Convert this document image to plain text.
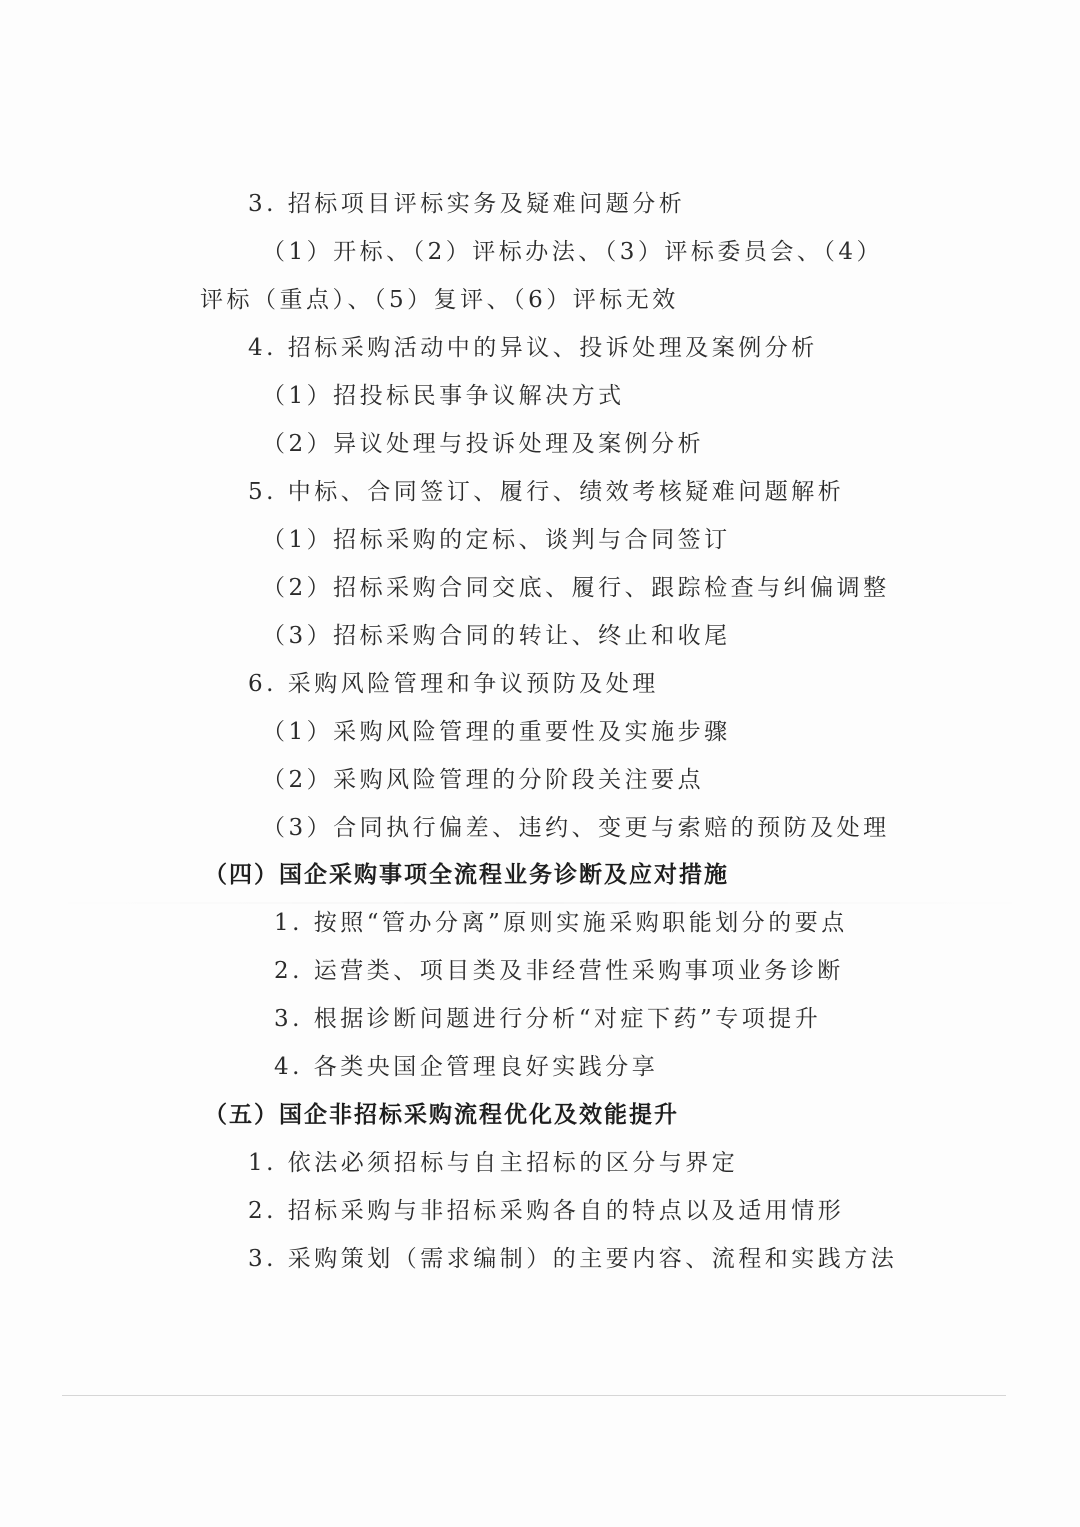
3. 招标项目评标实务及疑难问题分析
（1）开标、（2）评标办法、（3）评标委员会、（4）
评标（重点）、（5）复评、（6）评标无效
4. 招标采购活动中的异议、投诉处理及案例分析
（1）招投标民事争议解决方式
（2）异议处理与投诉处理及案例分析
5. 中标、合同签订、履行、绩效考核疑难问题解析
（1）招标采购的定标、谈判与合同签订
（2）招标采购合同交底、履行、跟踪检查与纠偏调整
（3）招标采购合同的转让、终止和收尾
6. 采购风险管理和争议预防及处理
（1）采购风险管理的重要性及实施步骤
（2）采购风险管理的分阶段关注要点
（3）合同执行偏差、违约、变更与索赔的预防及处理
（四）国企采购事项全流程业务诊断及应对措施
1. 按照“管办分离”原则实施采购职能划分的要点
2. 运营类、项目类及非经营性采购事项业务诊断
3. 根据诊断问题进行分析“对症下药”专项提升
4. 各类央国企管理良好实践分享
（五）国企非招标采购流程优化及效能提升
1. 依法必须招标与自主招标的区分与界定
2. 招标采购与非招标采购各自的特点以及适用情形
3. 采购策划（需求编制）的主要内容、流程和实践方法
